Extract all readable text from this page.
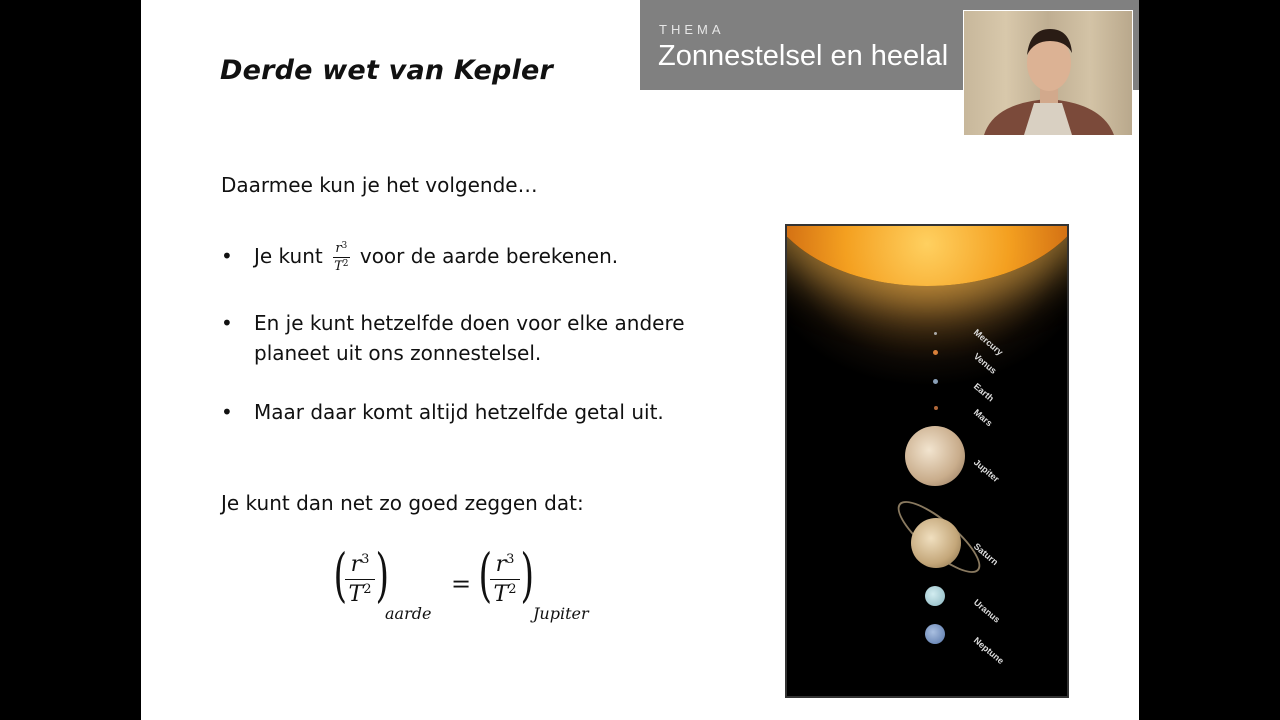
Derde wet van Kepler
Daarmee kun je het volgende…
•	Je kunt $\frac{r^3}{T^2}$ voor de aarde berekenen.
•	En je kunt hetzelfde doen voor elke andere planeet uit ons zonnestelsel.
•	Maar daar komt altijd hetzelfde getal uit.
Je kunt dan net zo goed zeggen dat:
( $r^3$
$T^2$ )
aarde
= ( $r^3$
$T^2$ )
Jupiter
THEMA
Zonnestelsel en heelal
Mercury
Venus
Earth
Mars
Jupiter
Saturn
Uranus
Neptune
